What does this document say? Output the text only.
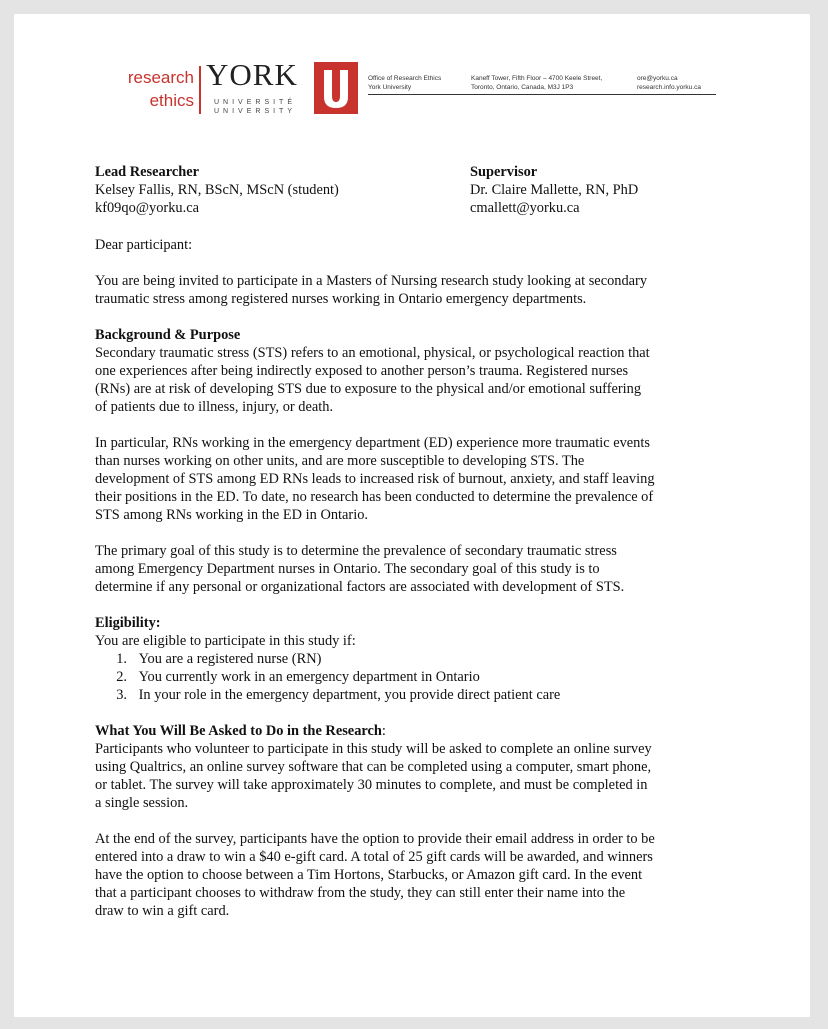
research
ethics
YORK
UNIVERSITÉ
UNIVERSITY
Office of Research Ethics
York University
Kaneff Tower, Fifth Floor – 4700 Keele Street,
Toronto, Ontario, Canada, M3J 1P3
ore@yorku.ca
research.info.yorku.ca
Lead Researcher
Kelsey Fallis, RN, BScN, MScN (student)
kf09qo@yorku.ca
Supervisor
Dr. Claire Mallette, RN, PhD
cmallett@yorku.ca
Dear participant:
You are being invited to participate in a Masters of Nursing research study looking at secondary
traumatic stress among registered nurses working in Ontario emergency departments.
Background & Purpose
Secondary traumatic stress (STS) refers to an emotional, physical, or psychological reaction that
one experiences after being indirectly exposed to another person’s trauma. Registered nurses
(RNs) are at risk of developing STS due to exposure to the physical and/or emotional suffering
of patients due to illness, injury, or death.
In particular, RNs working in the emergency department (ED) experience more traumatic events
than nurses working on other units, and are more susceptible to developing STS. The
development of STS among ED RNs leads to increased risk of burnout, anxiety, and staff leaving
their positions in the ED. To date, no research has been conducted to determine the prevalence of
STS among RNs working in the ED in Ontario.
The primary goal of this study is to determine the prevalence of secondary traumatic stress
among Emergency Department nurses in Ontario. The secondary goal of this study is to
determine if any personal or organizational factors are associated with development of STS.
Eligibility:
You are eligible to participate in this study if:
1. You are a registered nurse (RN)
2. You currently work in an emergency department in Ontario
3. In your role in the emergency department, you provide direct patient care
What You Will Be Asked to Do in the Research:
Participants who volunteer to participate in this study will be asked to complete an online survey
using Qualtrics, an online survey software that can be completed using a computer, smart phone,
or tablet. The survey will take approximately 30 minutes to complete, and must be completed in
a single session.
At the end of the survey, participants have the option to provide their email address in order to be
entered into a draw to win a $40 e-gift card. A total of 25 gift cards will be awarded, and winners
have the option to choose between a Tim Hortons, Starbucks, or Amazon gift card. In the event
that a participant chooses to withdraw from the study, they can still enter their name into the
draw to win a gift card.
